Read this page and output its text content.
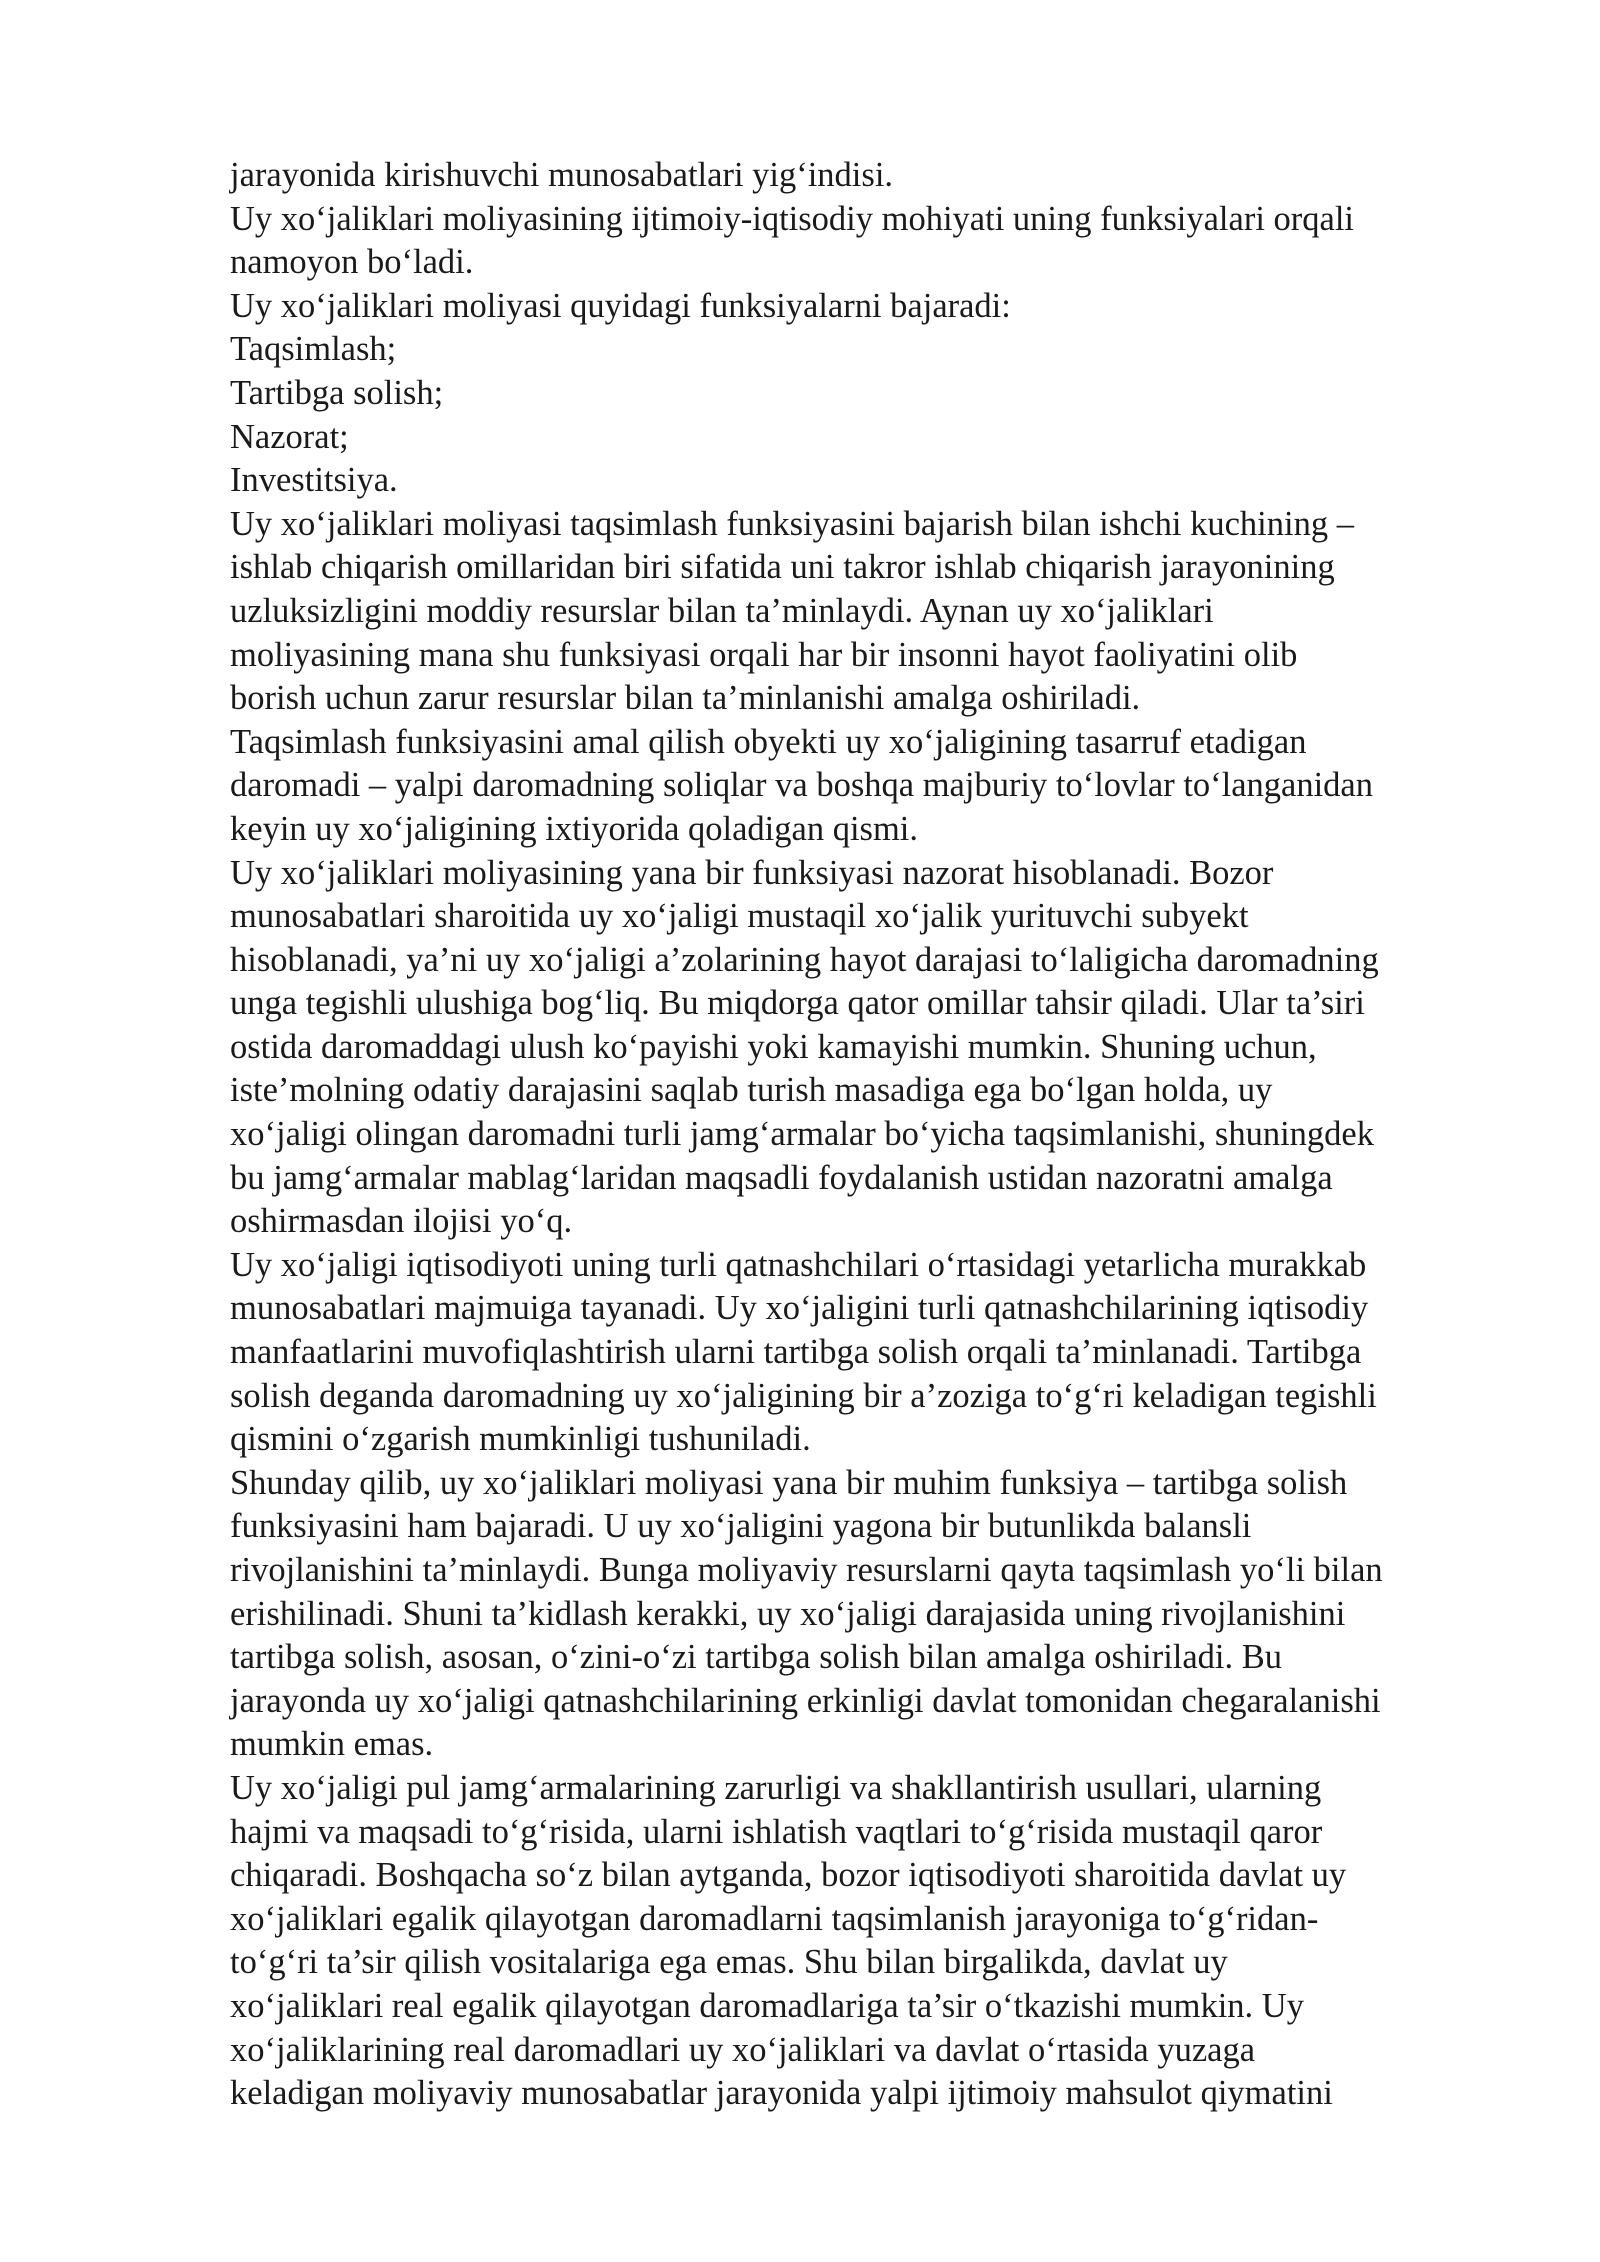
jarayonida kirishuvchi munosabatlari yig‘indisi.
Uy xo‘jaliklari moliyasining ijtimoiy-iqtisodiy mohiyati uning funksiyalari orqali
namoyon bo‘ladi.
Uy xo‘jaliklari moliyasi quyidagi funksiyalarni bajaradi:
Taqsimlash;
Tartibga solish;
Nazorat;
Investitsiya.
Uy xo‘jaliklari moliyasi taqsimlash funksiyasini bajarish bilan ishchi kuchining –
ishlab chiqarish omillaridan biri sifatida uni takror ishlab chiqarish jarayonining
uzluksizligini moddiy resurslar bilan ta’minlaydi. Aynan uy xo‘jaliklari
moliyasining mana shu funksiyasi orqali har bir insonni hayot faoliyatini olib
borish uchun zarur resurslar bilan ta’minlanishi amalga oshiriladi.
Taqsimlash funksiyasini amal qilish obyekti uy xo‘jaligining tasarruf etadigan
daromadi – yalpi daromadning soliqlar va boshqa majburiy to‘lovlar to‘langanidan
keyin uy xo‘jaligining ixtiyorida qoladigan qismi.
Uy xo‘jaliklari moliyasining yana bir funksiyasi nazorat hisoblanadi. Bozor
munosabatlari sharoitida uy xo‘jaligi mustaqil xo‘jalik yurituvchi subyekt
hisoblanadi, ya’ni uy xo‘jaligi a’zolarining hayot darajasi to‘laligicha daromadning
unga tegishli ulushiga bog‘liq. Bu miqdorga qator omillar tahsir qiladi. Ular ta’siri
ostida daromaddagi ulush ko‘payishi yoki kamayishi mumkin. Shuning uchun,
iste’molning odatiy darajasini saqlab turish masadiga ega bo‘lgan holda, uy
xo‘jaligi olingan daromadni turli jamg‘armalar bo‘yicha taqsimlanishi, shuningdek
bu jamg‘armalar mablag‘laridan maqsadli foydalanish ustidan nazoratni amalga
oshirmasdan ilojisi yo‘q.
Uy xo‘jaligi iqtisodiyoti uning turli qatnashchilari o‘rtasidagi yetarlicha murakkab
munosabatlari majmuiga tayanadi. Uy xo‘jaligini turli qatnashchilarining iqtisodiy
manfaatlarini muvofiqlashtirish ularni tartibga solish orqali ta’minlanadi. Tartibga
solish deganda daromadning uy xo‘jaligining bir a’zoziga to‘g‘ri keladigan tegishli
qismini o‘zgarish mumkinligi tushuniladi.
Shunday qilib, uy xo‘jaliklari moliyasi yana bir muhim funksiya – tartibga solish
funksiyasini ham bajaradi. U uy xo‘jaligini yagona bir butunlikda balansli
rivojlanishini ta’minlaydi. Bunga moliyaviy resurslarni qayta taqsimlash yo‘li bilan
erishilinadi. Shuni ta’kidlash kerakki, uy xo‘jaligi darajasida uning rivojlanishini
tartibga solish, asosan, o‘zini-o‘zi tartibga solish bilan amalga oshiriladi. Bu
jarayonda uy xo‘jaligi qatnashchilarining erkinligi davlat tomonidan chegaralanishi
mumkin emas.
Uy xo‘jaligi pul jamg‘armalarining zarurligi va shakllantirish usullari, ularning
hajmi va maqsadi to‘g‘risida, ularni ishlatish vaqtlari to‘g‘risida mustaqil qaror
chiqaradi. Boshqacha so‘z bilan aytganda, bozor iqtisodiyoti sharoitida davlat uy
xo‘jaliklari egalik qilayotgan daromadlarni taqsimlanish jarayoniga to‘g‘ridan-
to‘g‘ri ta’sir qilish vositalariga ega emas. Shu bilan birgalikda, davlat uy
xo‘jaliklari real egalik qilayotgan daromadlariga ta’sir o‘tkazishi mumkin. Uy
xo‘jaliklarining real daromadlari uy xo‘jaliklari va davlat o‘rtasida yuzaga
keladigan moliyaviy munosabatlar jarayonida yalpi ijtimoiy mahsulot qiymatini
